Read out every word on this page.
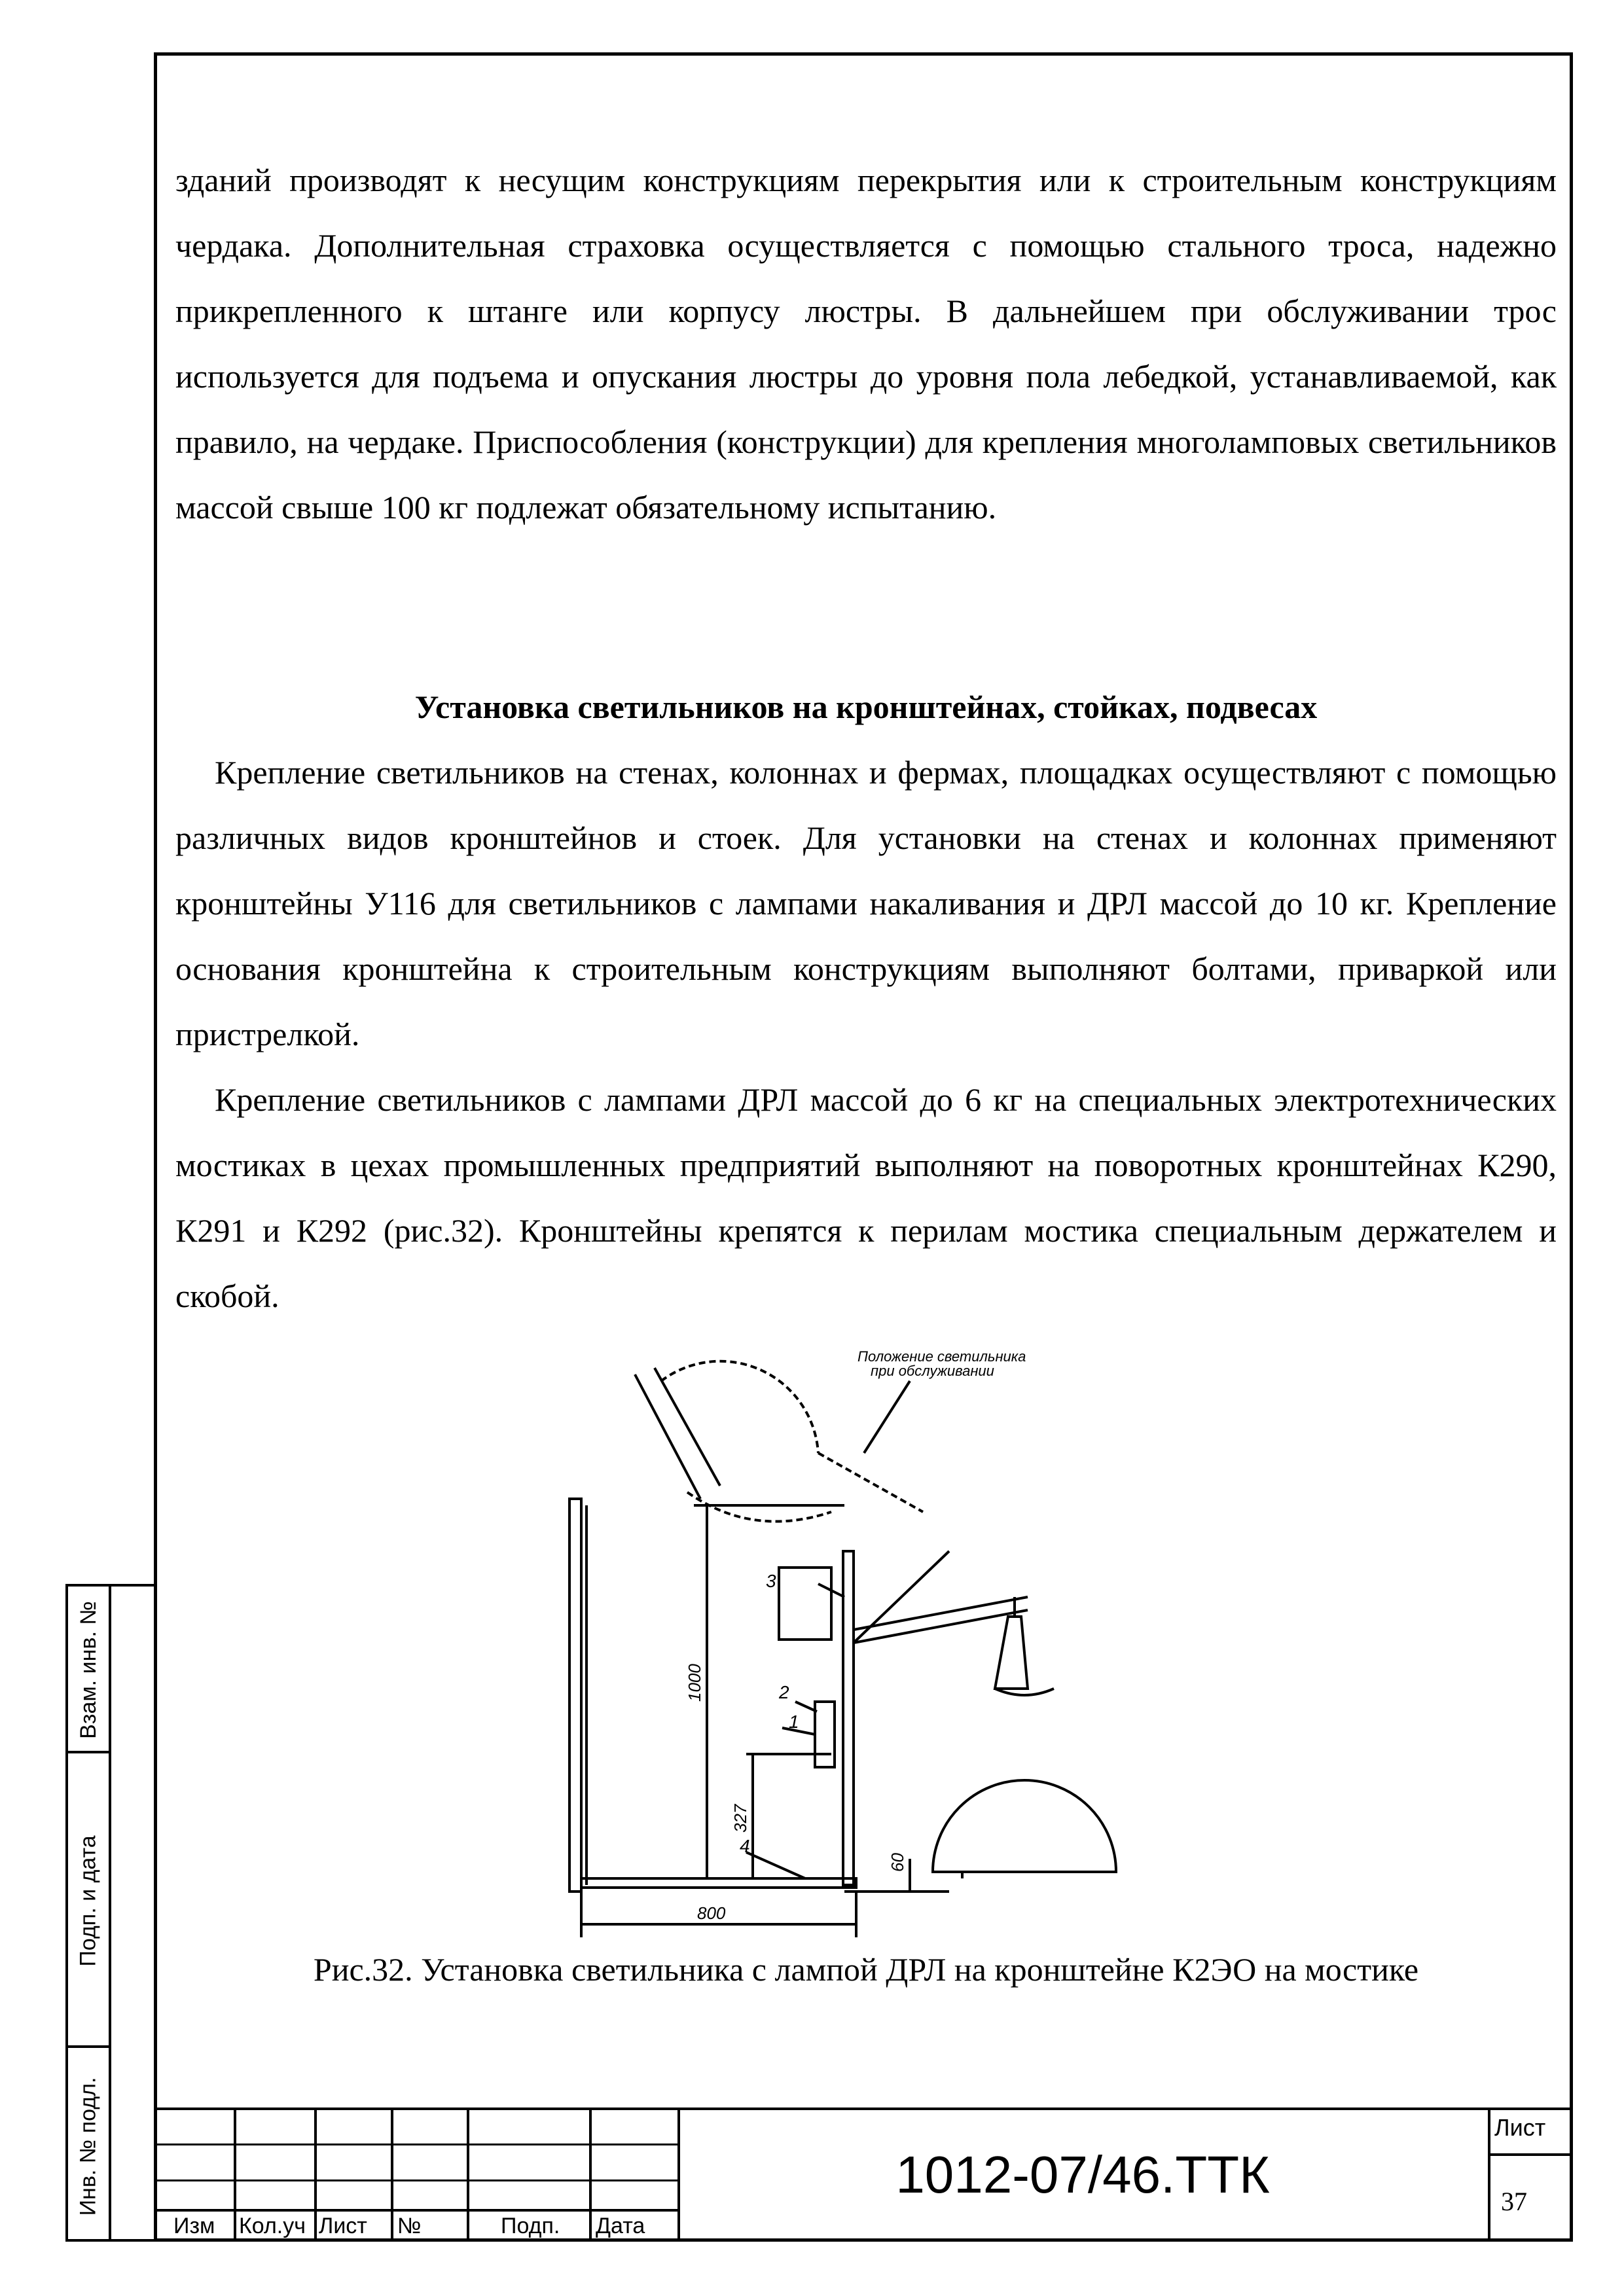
Взам. инв. №
Подп. и дата
Инв. № подл.

зданий производят к несущим конструкциям перекрытия или к строительным конструкциям чердака. Дополнительная страховка осуществляется с помощью стального троса, надежно прикрепленного к штанге или корпусу люстры. В дальнейшем при обслуживании трос используется для подъема и опускания люстры до уровня пола лебедкой, устанавливаемой, как правило, на чердаке. Приспособления (конструкции) для крепления многоламповых светильников массой свыше 100 кг подлежат обязательному испытанию.

Установка светильников на кронштейнах, стойках, подвесах

Крепление светильников на стенах, колоннах и фермах, площадках осуществляют с помощью различных видов кронштейнов и стоек. Для установки на стенах и колоннах применяют кронштейны У116 для светильников с лампами накаливания и ДРЛ массой до 10 кг. Крепление основания кронштейна к строительным конструкциям выполняют болтами, приваркой или пристрелкой.

Крепление светильников с лампами ДРЛ массой до 6 кг на специальных электротехнических мостиках в цехах промышленных предприятий выполняют на поворотных кронштейнах К290, К291 и К292 (рис.32). Кронштейны крепятся к перилам мостика специальным держателем и скобой.

Положение светильника
при обслуживании
1000
327
60
800
1
2
3
4
Рис.32. Установка светильника с лампой ДРЛ на кронштейне К2ЭО на мостике
Изм Кол.уч Лист №	Подп. Дата
1012-07/46.ТТК
Лист
37
